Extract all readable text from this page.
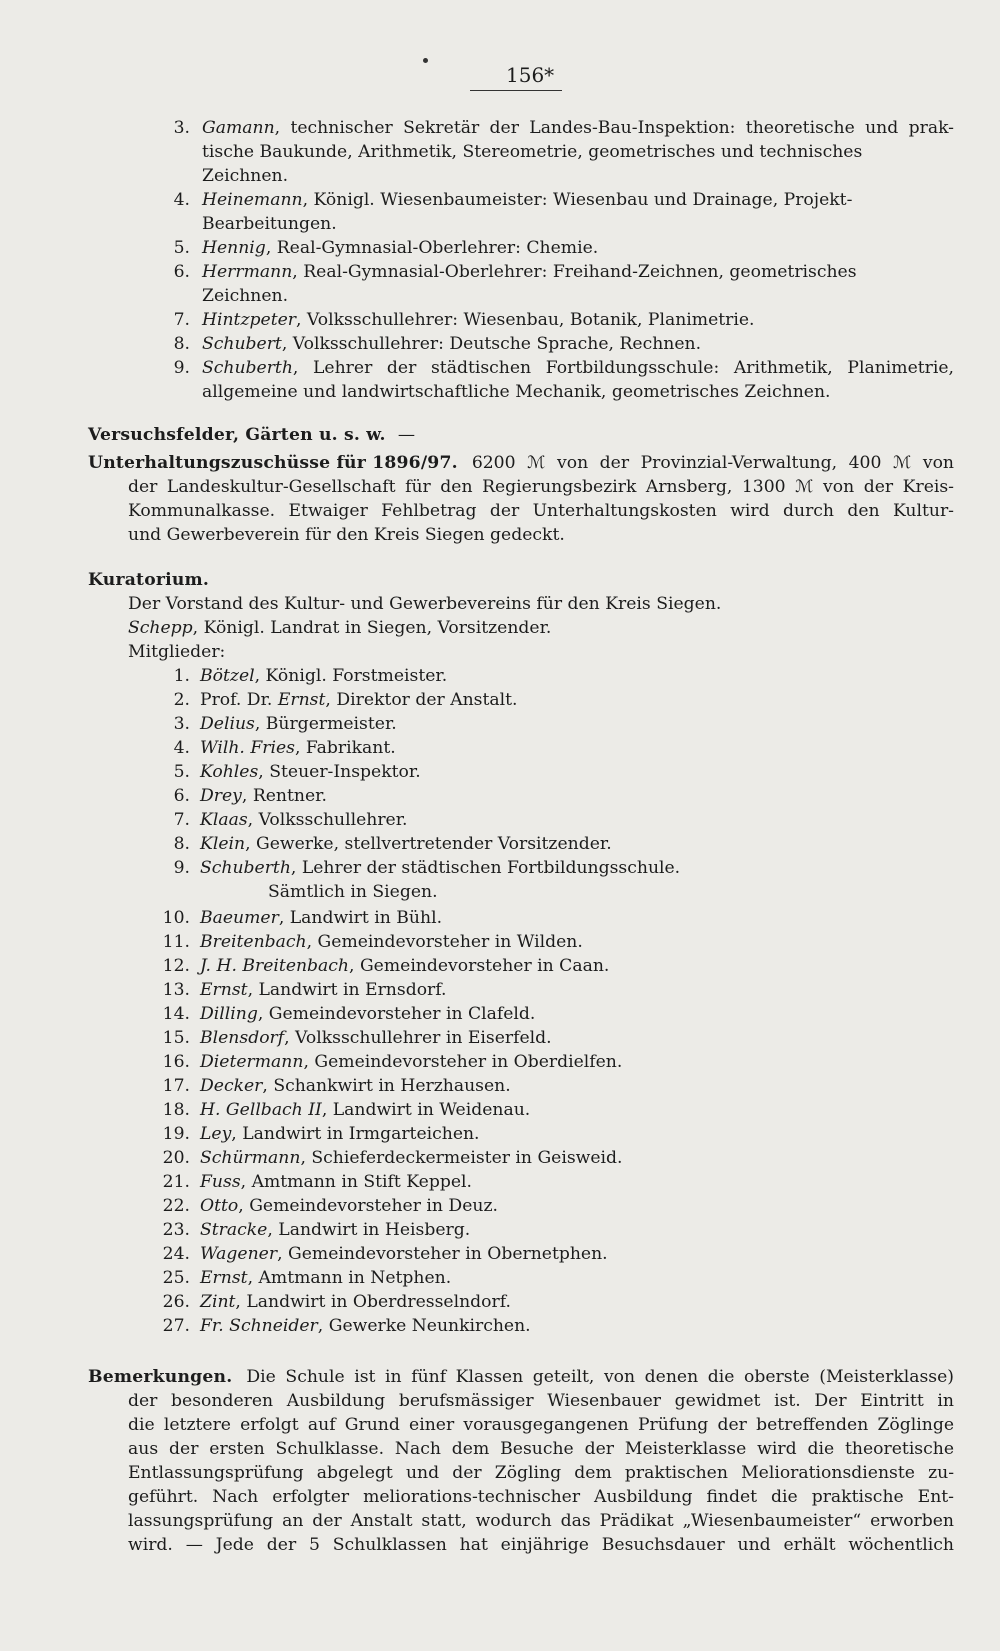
156*
3. Gamann, technischer Sekretär der Landes-Bau-Inspektion: theoretische und prak-
tische Baukunde, Arithmetik, Stereometrie, geometrisches und technisches
Zeichnen.
4. Heinemann, Königl. Wiesenbaumeister: Wiesenbau und Drainage, Projekt-
Bearbeitungen.
5. Hennig, Real-Gymnasial-Oberlehrer: Chemie.
6. Herrmann, Real-Gymnasial-Oberlehrer: Freihand-Zeichnen, geometrisches
Zeichnen.
7. Hintzpeter, Volksschullehrer: Wiesenbau, Botanik, Planimetrie.
8. Schubert, Volksschullehrer: Deutsche Sprache, Rechnen.
9. Schuberth, Lehrer der städtischen Fortbildungsschule: Arithmetik, Planimetrie,
allgemeine und landwirtschaftliche Mechanik, geometrisches Zeichnen.
Versuchsfelder, Gärten u. s. w. —
Unterhaltungszuschüsse für 1896/97. 6200 ℳ von der Provinzial-Verwaltung, 400 ℳ von
der Landeskultur-Gesellschaft für den Regierungsbezirk Arnsberg, 1300 ℳ von der Kreis-
Kommunalkasse. Etwaiger Fehlbetrag der Unterhaltungskosten wird durch den Kultur-
und Gewerbeverein für den Kreis Siegen gedeckt.
Kuratorium.
Der Vorstand des Kultur- und Gewerbevereins für den Kreis Siegen.
Schepp, Königl. Landrat in Siegen, Vorsitzender.
Mitglieder:
1. Bötzel, Königl. Forstmeister.
2. Prof. Dr. Ernst, Direktor der Anstalt.
3. Delius, Bürgermeister.
4. Wilh. Fries, Fabrikant.
5. Kohles, Steuer-Inspektor.
6. Drey, Rentner.
7. Klaas, Volksschullehrer.
8. Klein, Gewerke, stellvertretender Vorsitzender.
9. Schuberth, Lehrer der städtischen Fortbildungsschule.
10. Baeumer, Landwirt in Bühl.
11. Breitenbach, Gemeindevorsteher in Wilden.
12. J. H. Breitenbach, Gemeindevorsteher in Caan.
13. Ernst, Landwirt in Ernsdorf.
14. Dilling, Gemeindevorsteher in Clafeld.
15. Blensdorf, Volksschullehrer in Eiserfeld.
16. Dietermann, Gemeindevorsteher in Oberdielfen.
17. Decker, Schankwirt in Herzhausen.
18. H. Gellbach II, Landwirt in Weidenau.
19. Ley, Landwirt in Irmgarteichen.
20. Schürmann, Schieferdeckermeister in Geisweid.
21. Fuss, Amtmann in Stift Keppel.
22. Otto, Gemeindevorsteher in Deuz.
23. Stracke, Landwirt in Heisberg.
24. Wagener, Gemeindevorsteher in Obernetphen.
25. Ernst, Amtmann in Netphen.
26. Zint, Landwirt in Oberdresselndorf.
27. Fr. Schneider, Gewerke Neunkirchen.
Sämtlich in Siegen.
Bemerkungen. Die Schule ist in fünf Klassen geteilt, von denen die oberste (Meisterklasse)
der besonderen Ausbildung berufsmässiger Wiesenbauer gewidmet ist. Der Eintritt in
die letztere erfolgt auf Grund einer vorausgegangenen Prüfung der betreffenden Zöglinge
aus der ersten Schulklasse. Nach dem Besuche der Meisterklasse wird die theoretische
Entlassungsprüfung abgelegt und der Zögling dem praktischen Meliorationsdienste zu-
geführt. Nach erfolgter meliorations-technischer Ausbildung findet die praktische Ent-
lassungsprüfung an der Anstalt statt, wodurch das Prädikat „Wiesenbaumeister“ erworben
wird. — Jede der 5 Schulklassen hat einjährige Besuchsdauer und erhält wöchentlich
